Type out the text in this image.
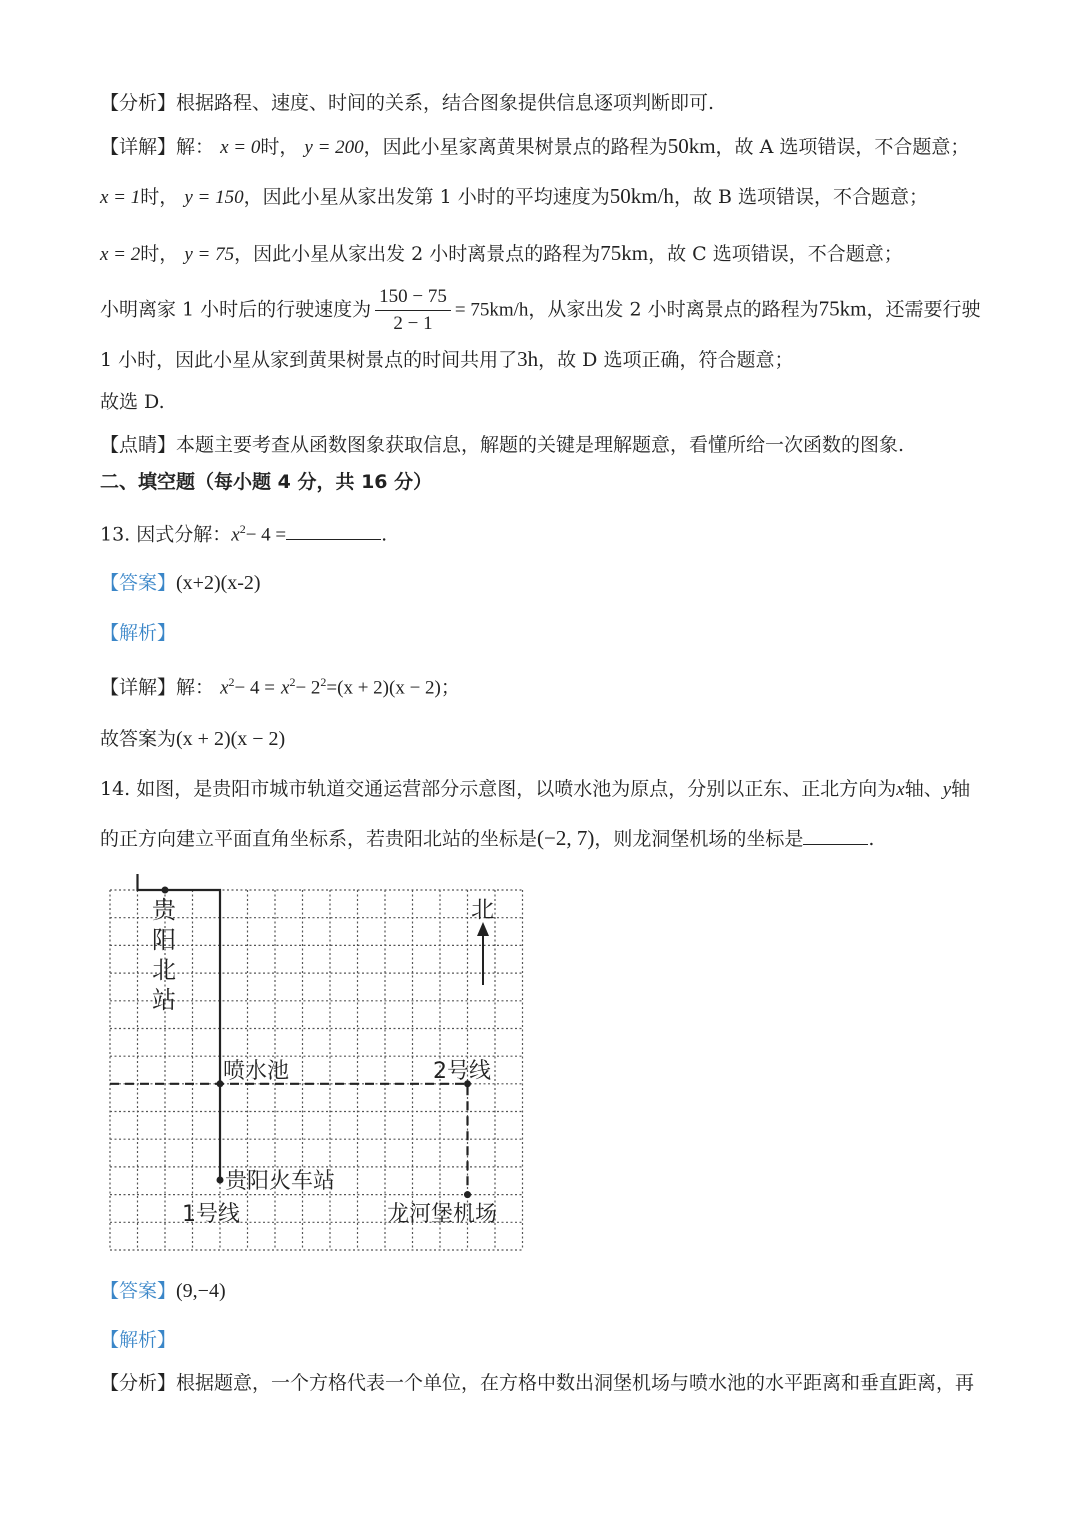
【分析】根据路程、速度、时间的关系，结合图象提供信息逐项判断即可.
【详解】解： x = 0时， y = 200，因此小星家离黄果树景点的路程为50km，故 A 选项错误，不合题意；
x = 1时， y = 150，因此小星从家出发第 1 小时的平均速度为50km/h，故 B 选项错误，不合题意；
x = 2时， y = 75，因此小星从家出发 2 小时离景点的路程为75km，故 C 选项错误，不合题意；
小明离家 1 小时后的行驶速度为 $\frac{150 - 75}{2 - 1} = 75km/h$，从家出发 2 小时离景点的路程为75km，还需要行驶
1 小时，因此小星从家到黄果树景点的时间共用了3h，故 D 选项正确，符合题意；
故选 D.
【点睛】本题主要考查从函数图象获取信息，解题的关键是理解题意，看懂所给一次函数的图象.
二、填空题（每小题 4 分，共 16 分）
13. 因式分解：$x^2- 4$ =	.
【答案】(x+2)(x-2)
【解析】
【详解】解： $x^2- 4 = x^2- 2^2=(x + 2)(x - 2)$；
故答案为(x + 2)(x − 2)
14. 如图，是贵阳市城市轨道交通运营部分示意图，以喷水池为原点，分别以正东、正北方向为x轴、y轴
的正方向建立平面直角坐标系，若贵阳北站的坐标是(−2, 7)，则龙洞堡机场的坐标是	.
北
贵
阳
北
站
喷水池	2号线
贵阳火车站
1号线	龙河堡机场
【答案】(9,−4)
【解析】
【分析】根据题意，一个方格代表一个单位，在方格中数出洞堡机场与喷水池的水平距离和垂直距离，再
